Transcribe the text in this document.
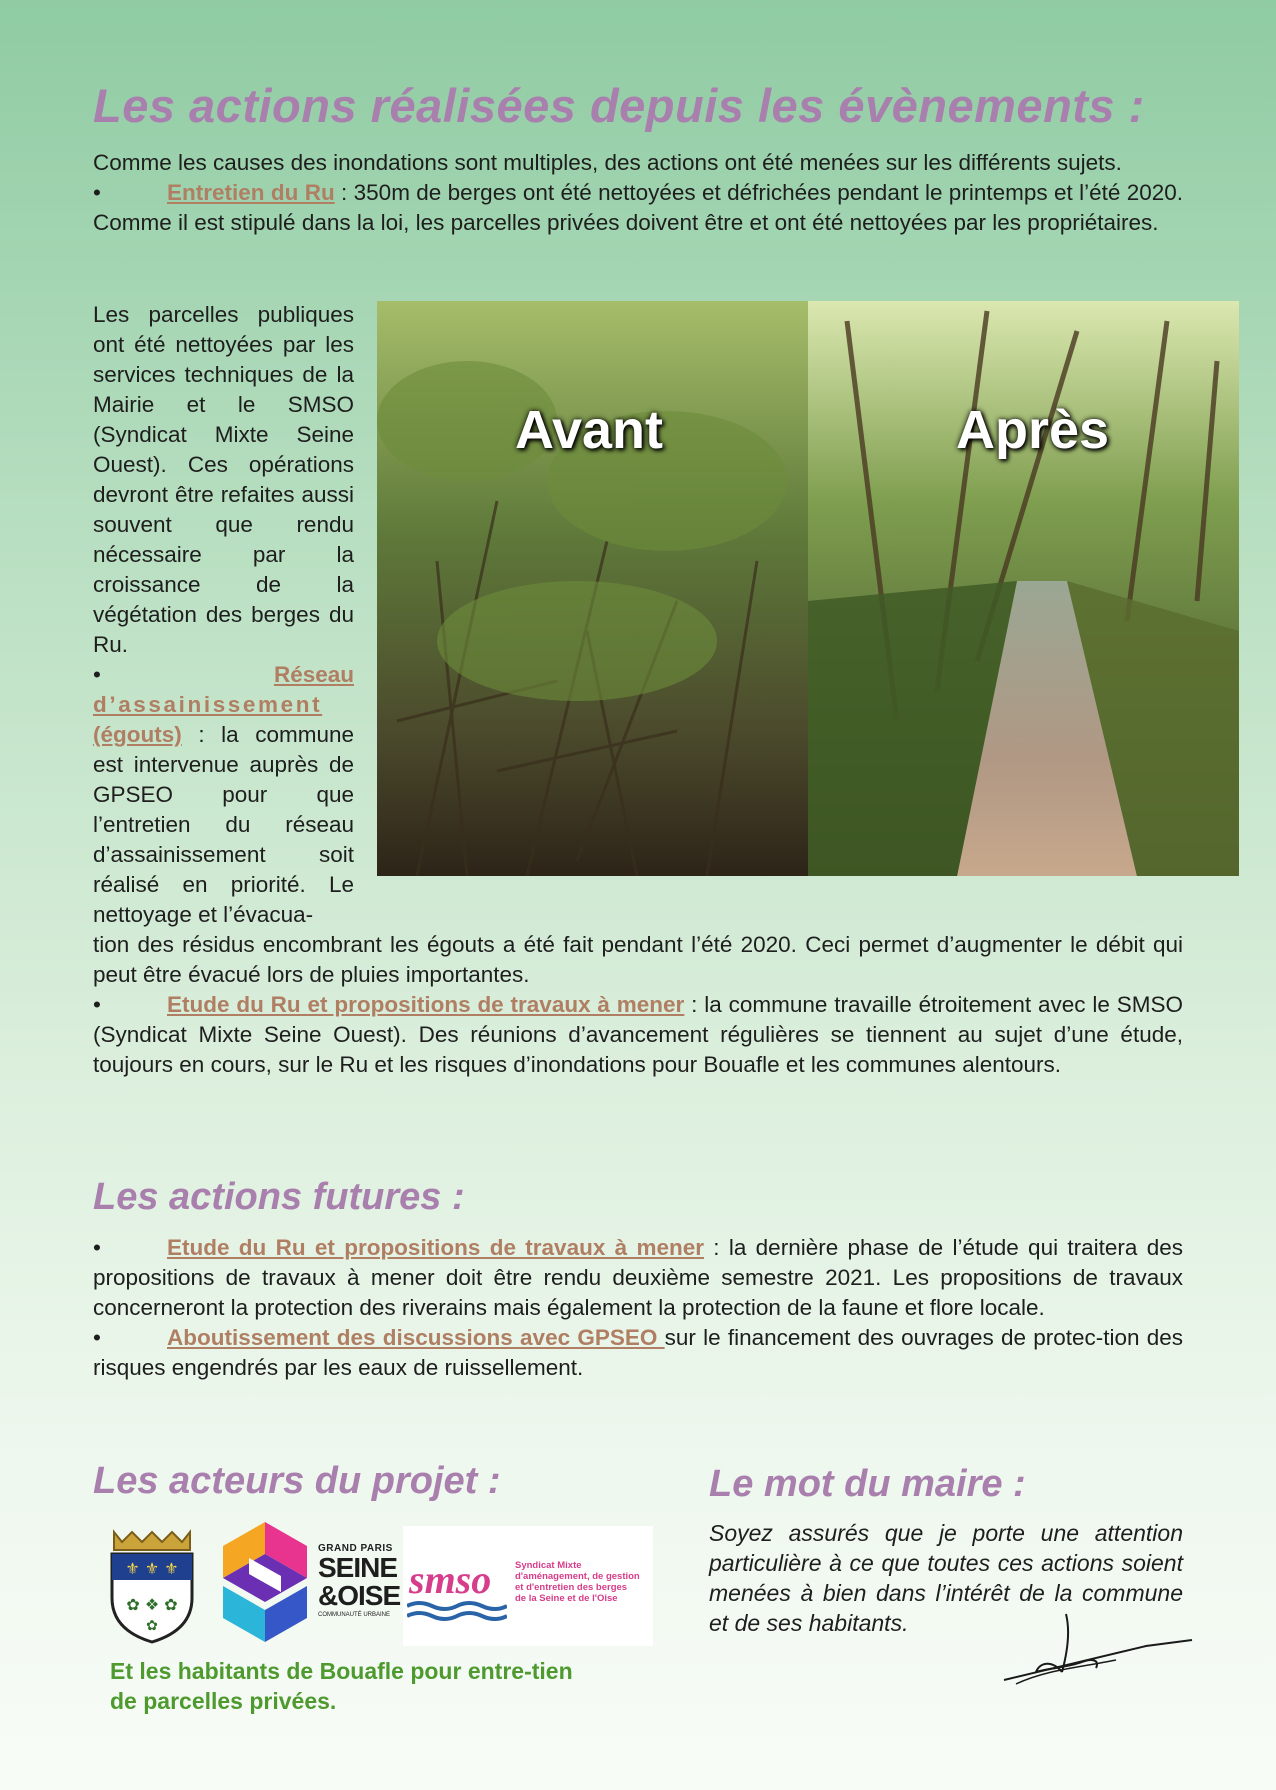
Les actions réalisées depuis les évènements :

Comme les causes des inondations sont multiples, des actions ont été menées sur les différents sujets.
•	Entretien du Ru : 350m de berges ont été nettoyées et défrichées pendant le printemps et l’été 2020. Comme il est stipulé dans la loi, les parcelles privées doivent être et ont été nettoyées par les propriétaires.

Les parcelles publiques ont été nettoyées par les services techniques de la Mairie et le SMSO (Syndicat Mixte Seine Ouest). Ces opérations devront être refaites aussi souvent que rendu nécessaire par la croissance de la végétation des berges du Ru.

•	Réseau
d’assainissement
(égouts) : la commune est intervenue auprès de GPSEO pour que l’entretien du réseau d’assainissement soit réalisé en priorité. Le nettoyage et l’évacua-
Avant	Après

tion des résidus encombrant les égouts a été fait pendant l’été 2020. Ceci permet d’augmenter le débit qui peut être évacué lors de pluies importantes.
•	Etude du Ru et propositions de travaux à mener : la commune travaille étroitement avec le SMSO (Syndicat Mixte Seine Ouest). Des réunions d’avancement régulières se tiennent au sujet d’une étude, toujours en cours, sur le Ru et les risques d’inondations pour Bouafle et les communes alentours.

Les actions futures :

•	Etude du Ru et propositions de travaux à mener : la dernière phase de l’étude qui traitera des propositions de travaux à mener doit être rendu deuxième semestre 2021. Les propositions de travaux concerneront la protection des riverains mais également la protection de la faune et flore locale.
•	Aboutissement des discussions avec GPSEO sur le financement des ouvrages de protec-tion des risques engendrés par les eaux de ruissellement.

Les acteurs du projet :
⚜ ⚜ ⚜
✿ ❖ ✿
✿
GRAND PARIS
SEINE
&OISE
COMMUNAUTÉ URBAINE
smso	Syndicat Mixte
d'aménagement, de gestion
et d'entretien des berges
de la Seine et de l'Oise

Et les habitants de Bouafle pour entre-tien de parcelles privées.

Le mot du maire :

Soyez assurés que je porte une attention particulière à ce que toutes ces actions soient menées à bien dans l’intérêt de la commune et de ses habitants.
